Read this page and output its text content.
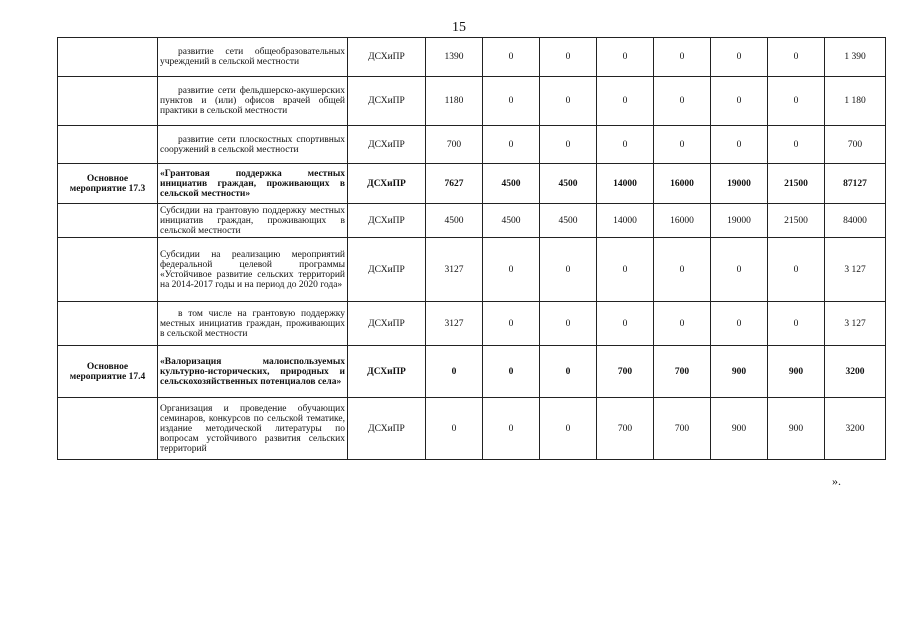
15
	развитие сети общеобразовательных учреждений в сельской местности	ДСХиПР	1390	0	0	0	0	0	0	1 390
	развитие сети фельдшерско-акушерских пунктов и (или) офисов врачей общей практики в сельской местности	ДСХиПР	1180	0	0	0	0	0	0	1 180
	развитие сети плоскостных спортивных сооружений в сельской местности	ДСХиПР	700	0	0	0	0	0	0	700
Основное мероприятие 17.3	«Грантовая поддержка местных инициатив граждан, проживающих в сельской местности»	ДСХиПР	7627	4500	4500	14000	16000	19000	21500	87127
	Субсидии на грантовую поддержку местных инициатив граждан, проживающих в сельской местности	ДСХиПР	4500	4500	4500	14000	16000	19000	21500	84000
	Субсидии на реализацию мероприятий федеральной целевой программы «Устойчивое развитие сельских территорий на 2014-2017 годы и на период до 2020 года»	ДСХиПР	3127	0	0	0	0	0	0	3 127
	в том числе на грантовую поддержку местных инициатив граждан, проживающих в сельской местности	ДСХиПР	3127	0	0	0	0	0	0	3 127
Основное мероприятие 17.4	«Валоризация малоиспользуемых культурно-исторических, природных и сельскохозяйственных потенциалов села»	ДСХиПР	0	0	0	700	700	900	900	3200
	Организация и проведение обучающих семинаров, конкурсов по сельской тематике, издание методической литературы по вопросам устойчивого развития сельских территорий	ДСХиПР	0	0	0	700	700	900	900	3200
».
